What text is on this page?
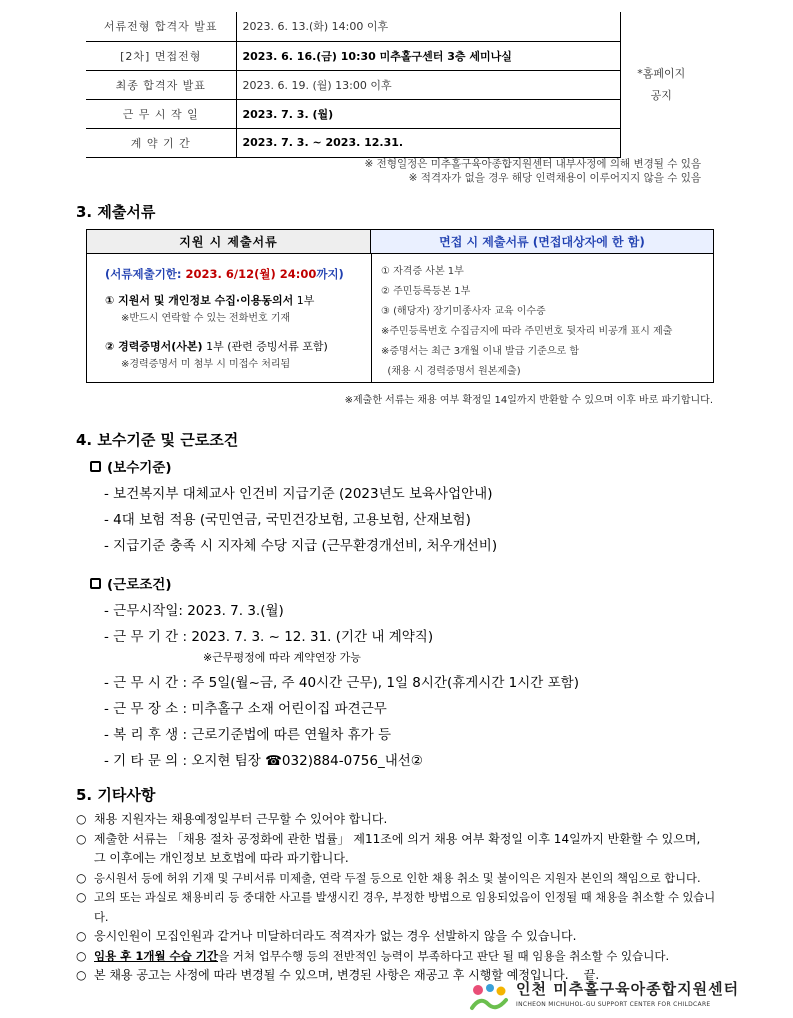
서류전형 합격자 발표	2023. 6. 13.(화) 14:00 이후	*홈페이지
공지

[2차] 면접전형	2023. 6. 16.(금) 10:30 미추홀구센터 3층 세미나실	
최종 합격자 발표	2023. 6. 19. (월) 13:00 이후	
근 무 시 작 일	2023. 7. 3. (월)	
계 약 기 간	2023. 7. 3. ~ 2023. 12.31.	
※ 전형일정은 미추홀구육아종합지원센터 내부사정에 의해 변경될 수 있음
※ 적격자가 없을 경우 해당 인력채용이 이루어지지 않을 수 있음
3. 제출서류
지원 시 제출서류	면접 시 제출서류 (면접대상자에 한 함)
(서류제출기한: 2023. 6/12(월) 24:00까지)
① 지원서 및 개인정보 수집·이용동의서 1부
※반드시 연락할 수 있는 전화번호 기재
② 경력증명서(사본) 1부 (관련 증빙서류 포함)
※경력증명서 미 첨부 시 미접수 처리됨
① 자격증 사본 1부
② 주민등록등본 1부
③ (해당자) 장기미종사자 교육 이수증
※주민등록번호 수집금지에 따라 주민번호 뒷자리 비공개 표시 제출
※증명서는 최근 3개월 이내 발급 기준으로 함
(채용 시 경력증명서 원본제출)
※제출한 서류는 채용 여부 확정일 14일까지 반환할 수 있으며 이후 바로 파기합니다.
4. 보수기준 및 근로조건
(보수기준)
- 보건복지부 대체교사 인건비 지급기준 (2023년도 보육사업안내)
- 4대 보험 적용 (국민연금, 국민건강보험, 고용보험, 산재보험)
- 지급기준 충족 시 지자체 수당 지급 (근무환경개선비, 처우개선비)
(근로조건)
- 근무시작일: 2023. 7. 3.(월)
- 근 무 기 간 : 2023. 7. 3. ~ 12. 31. (기간 내 계약직)
※근무평정에 따라 계약연장 가능
- 근 무 시 간 : 주 5일(월~금, 주 40시간 근무), 1일 8시간(휴게시간 1시간 포함)
- 근 무 장 소 : 미추홀구 소재 어린이집 파견근무
- 복 리 후 생 : 근로기준법에 따른 연월차 휴가 등
- 기 타 문 의 : 오지현 팀장 ☎032)884-0756_내선②
5. 기타사항
○ 채용 지원자는 채용예정일부터 근무할 수 있어야 합니다.
○ 제출한 서류는 「채용 절차 공정화에 관한 법률」 제11조에 의거 채용 여부 확정일 이후 14일까지 반환할 수 있으며,
그 이후에는 개인정보 보호법에 따라 파기합니다.
○ 응시원서 등에 허위 기재 및 구비서류 미제출, 연락 두절 등으로 인한 채용 취소 및 불이익은 지원자 본인의 책임으로 합니다.
○ 고의 또는 과실로 채용비리 등 중대한 사고를 발생시킨 경우, 부정한 방법으로 임용되었음이 인정될 때 채용을 취소할 수 있습니다.
○ 응시인원이 모집인원과 같거나 미달하더라도 적격자가 없는 경우 선발하지 않을 수 있습니다.
○ 임용 후 1개월 수습 기간을 거쳐 업무수행 등의 전반적인 능력이 부족하다고 판단 될 때 임용을 취소할 수 있습니다.
○ 본 채용 공고는 사정에 따라 변경될 수 있으며, 변경된 사항은 재공고 후 시행할 예정입니다.    끝.
인천 미추홀구육아종합지원센터
INCHEON MICHUHOL-GU SUPPORT CENTER FOR CHILDCARE
